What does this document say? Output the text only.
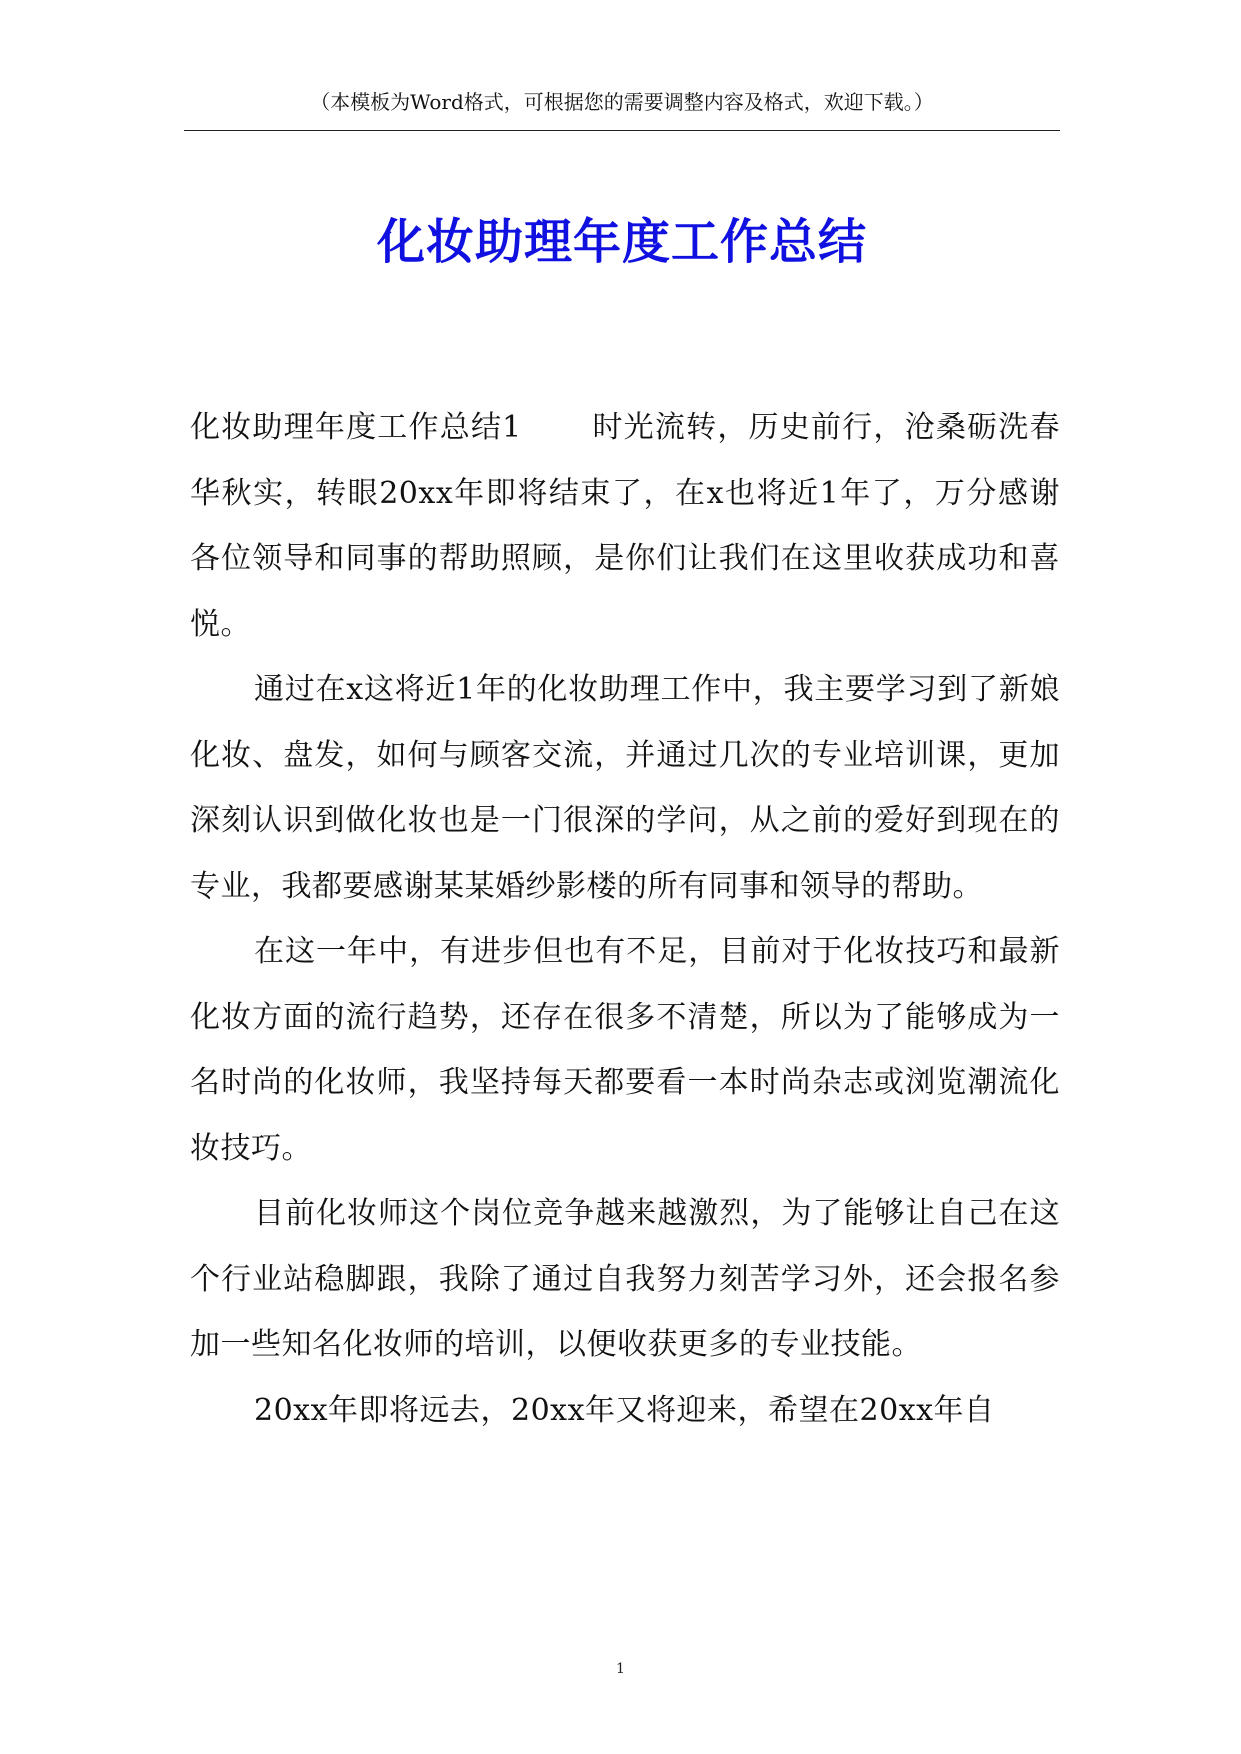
（本模板为Word格式，可根据您的需要调整内容及格式，欢迎下载。）
化妆助理年度工作总结

化妆助理年度工作总结1 时光流转，历史前行，沧桑砺洗春华秋实，转眼20xx年即将结束了，在x也将近1年了，万分感谢各位领导和同事的帮助照顾，是你们让我们在这里收获成功和喜悦。

通过在x这将近1年的化妆助理工作中，我主要学习到了新娘化妆、盘发，如何与顾客交流，并通过几次的专业培训课，更加深刻认识到做化妆也是一门很深的学问，从之前的爱好到现在的专业，我都要感谢某某婚纱影楼的所有同事和领导的帮助。

在这一年中，有进步但也有不足，目前对于化妆技巧和最新化妆方面的流行趋势，还存在很多不清楚，所以为了能够成为一名时尚的化妆师，我坚持每天都要看一本时尚杂志或浏览潮流化妆技巧。

目前化妆师这个岗位竞争越来越激烈，为了能够让自己在这个行业站稳脚跟，我除了通过自我努力刻苦学习外，还会报名参加一些知名化妆师的培训，以便收获更多的专业技能。

20xx年即将远去，20xx年又将迎来，希望在20xx年自

1
